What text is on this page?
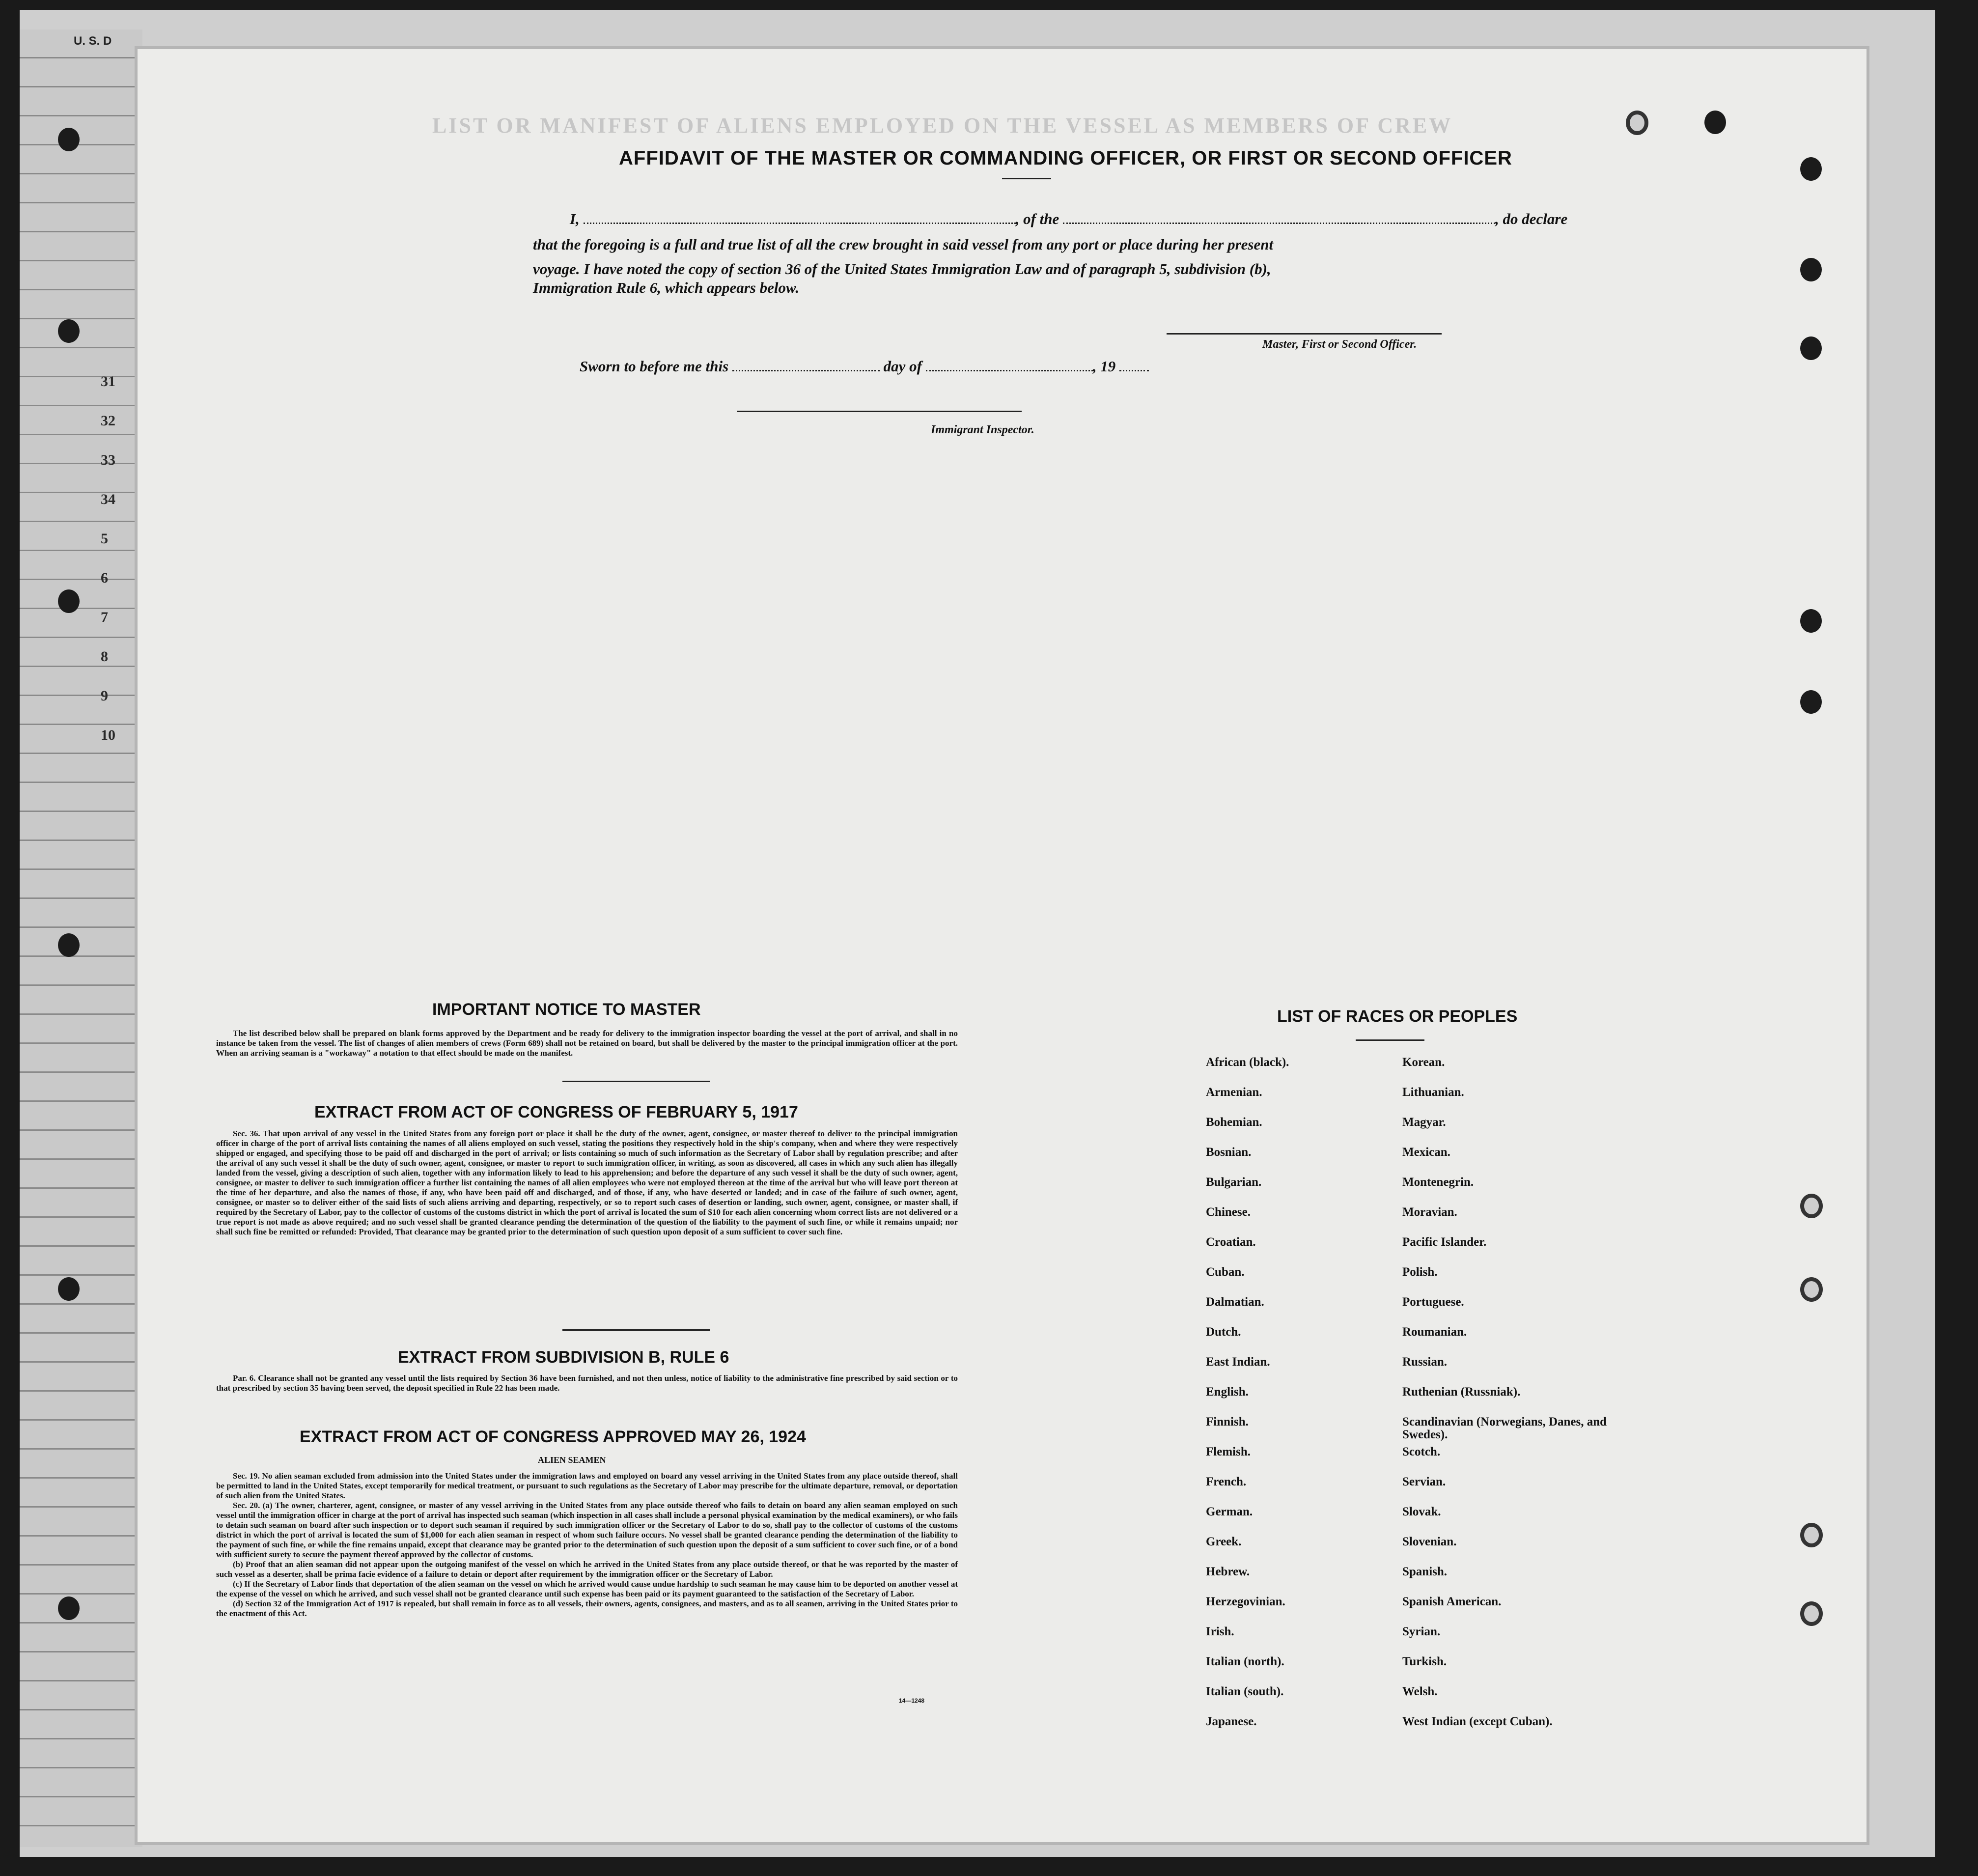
U. S. D
31
32
33
34
5
6
7
8
9
10
LIST OR MANIFEST OF ALIENS EMPLOYED ON THE VESSEL AS MEMBERS OF CREW
AFFIDAVIT OF THE MASTER OR COMMANDING OFFICER, OR FIRST OR SECOND OFFICER
I,	, of the	, do declare
that the foregoing is a full and true list of all the crew brought in said vessel from any port or place during her present
voyage. I have noted the copy of section 36 of the United States Immigration Law and of paragraph 5, subdivision (b),
Immigration Rule 6, which appears below.
Master, First or Second Officer.
Sworn to before me this	day of	, 19
Immigrant Inspector.
IMPORTANT NOTICE TO MASTER

The list described below shall be prepared on blank forms approved by the Department and be ready for delivery to the immigration inspector boarding the vessel at the port of arrival, and shall in no instance be taken from the vessel. The list of changes of alien members of crews (Form 689) shall not be retained on board, but shall be delivered by the master to the principal immigration officer at the port. When an arriving seaman is a "workaway" a notation to that effect should be made on the manifest.

EXTRACT FROM ACT OF CONGRESS OF FEBRUARY 5, 1917

Sec. 36. That upon arrival of any vessel in the United States from any foreign port or place it shall be the duty of the owner, agent, consignee, or master thereof to deliver to the principal immigration officer in charge of the port of arrival lists containing the names of all aliens employed on such vessel, stating the positions they respectively hold in the ship's company, when and where they were respectively shipped or engaged, and specifying those to be paid off and discharged in the port of arrival; or lists containing so much of such information as the Secretary of Labor shall by regulation prescribe; and after the arrival of any such vessel it shall be the duty of such owner, agent, consignee, or master to report to such immigration officer, in writing, as soon as discovered, all cases in which any such alien has illegally landed from the vessel, giving a description of such alien, together with any information likely to lead to his apprehension; and before the departure of any such vessel it shall be the duty of such owner, agent, consignee, or master to deliver to such immigration officer a further list containing the names of all alien employees who were not employed thereon at the time of the arrival but who will leave port thereon at the time of her departure, and also the names of those, if any, who have been paid off and discharged, and of those, if any, who have deserted or landed; and in case of the failure of such owner, agent, consignee, or master so to deliver either of the said lists of such aliens arriving and departing, respectively, or so to report such cases of desertion or landing, such owner, agent, consignee, or master shall, if required by the Secretary of Labor, pay to the collector of customs of the customs district in which the port of arrival is located the sum of $10 for each alien concerning whom correct lists are not delivered or a true report is not made as above required; and no such vessel shall be granted clearance pending the determination of the question of the liability to the payment of such fine, or while it remains unpaid; nor shall such fine be remitted or refunded: Provided, That clearance may be granted prior to the determination of such question upon deposit of a sum sufficient to cover such fine.

EXTRACT FROM SUBDIVISION B, RULE 6

Par. 6. Clearance shall not be granted any vessel until the lists required by Section 36 have been furnished, and not then unless, notice of liability to the administrative fine prescribed by said section or to that prescribed by section 35 having been served, the deposit specified in Rule 22 has been made.

EXTRACT FROM ACT OF CONGRESS APPROVED MAY 26, 1924
ALIEN SEAMEN

Sec. 19. No alien seaman excluded from admission into the United States under the immigration laws and employed on board any vessel arriving in the United States from any place outside thereof, shall be permitted to land in the United States, except temporarily for medical treatment, or pursuant to such regulations as the Secretary of Labor may prescribe for the ultimate departure, removal, or deportation of such alien from the United States.

Sec. 20. (a) The owner, charterer, agent, consignee, or master of any vessel arriving in the United States from any place outside thereof who fails to detain on board any alien seaman employed on such vessel until the immigration officer in charge at the port of arrival has inspected such seaman (which inspection in all cases shall include a personal physical examination by the medical examiners), or who fails to detain such seaman on board after such inspection or to deport such seaman if required by such immigration officer or the Secretary of Labor to do so, shall pay to the collector of customs of the customs district in which the port of arrival is located the sum of $1,000 for each alien seaman in respect of whom such failure occurs. No vessel shall be granted clearance pending the determination of the liability to the payment of such fine, or while the fine remains unpaid, except that clearance may be granted prior to the determination of such question upon the deposit of a sum sufficient to cover such fine, or of a bond with sufficient surety to secure the payment thereof approved by the collector of customs.

(b) Proof that an alien seaman did not appear upon the outgoing manifest of the vessel on which he arrived in the United States from any place outside thereof, or that he was reported by the master of such vessel as a deserter, shall be prima facie evidence of a failure to detain or deport after requirement by the immigration officer or the Secretary of Labor.

(c) If the Secretary of Labor finds that deportation of the alien seaman on the vessel on which he arrived would cause undue hardship to such seaman he may cause him to be deported on another vessel at the expense of the vessel on which he arrived, and such vessel shall not be granted clearance until such expense has been paid or its payment guaranteed to the satisfaction of the Secretary of Labor.

(d) Section 32 of the Immigration Act of 1917 is repealed, but shall remain in force as to all vessels, their owners, agents, consignees, and masters, and as to all seamen, arriving in the United States prior to the enactment of this Act.

14—1248
LIST OF RACES OR PEOPLES
African (black).
Armenian.
Bohemian.
Bosnian.
Bulgarian.
Chinese.
Croatian.
Cuban.
Dalmatian.
Dutch.
East Indian.
English.
Finnish.
Flemish.
French.
German.
Greek.
Hebrew.
Herzegovinian.
Irish.
Italian (north).
Italian (south).
Japanese.
Korean.
Lithuanian.
Magyar.
Mexican.
Montenegrin.
Moravian.
Pacific Islander.
Polish.
Portuguese.
Roumanian.
Russian.
Ruthenian (Russniak).
Scandinavian (Norwegians, Danes, and Swedes).
Scotch.
Servian.
Slovak.
Slovenian.
Spanish.
Spanish American.
Syrian.
Turkish.
Welsh.
West Indian (except Cuban).
